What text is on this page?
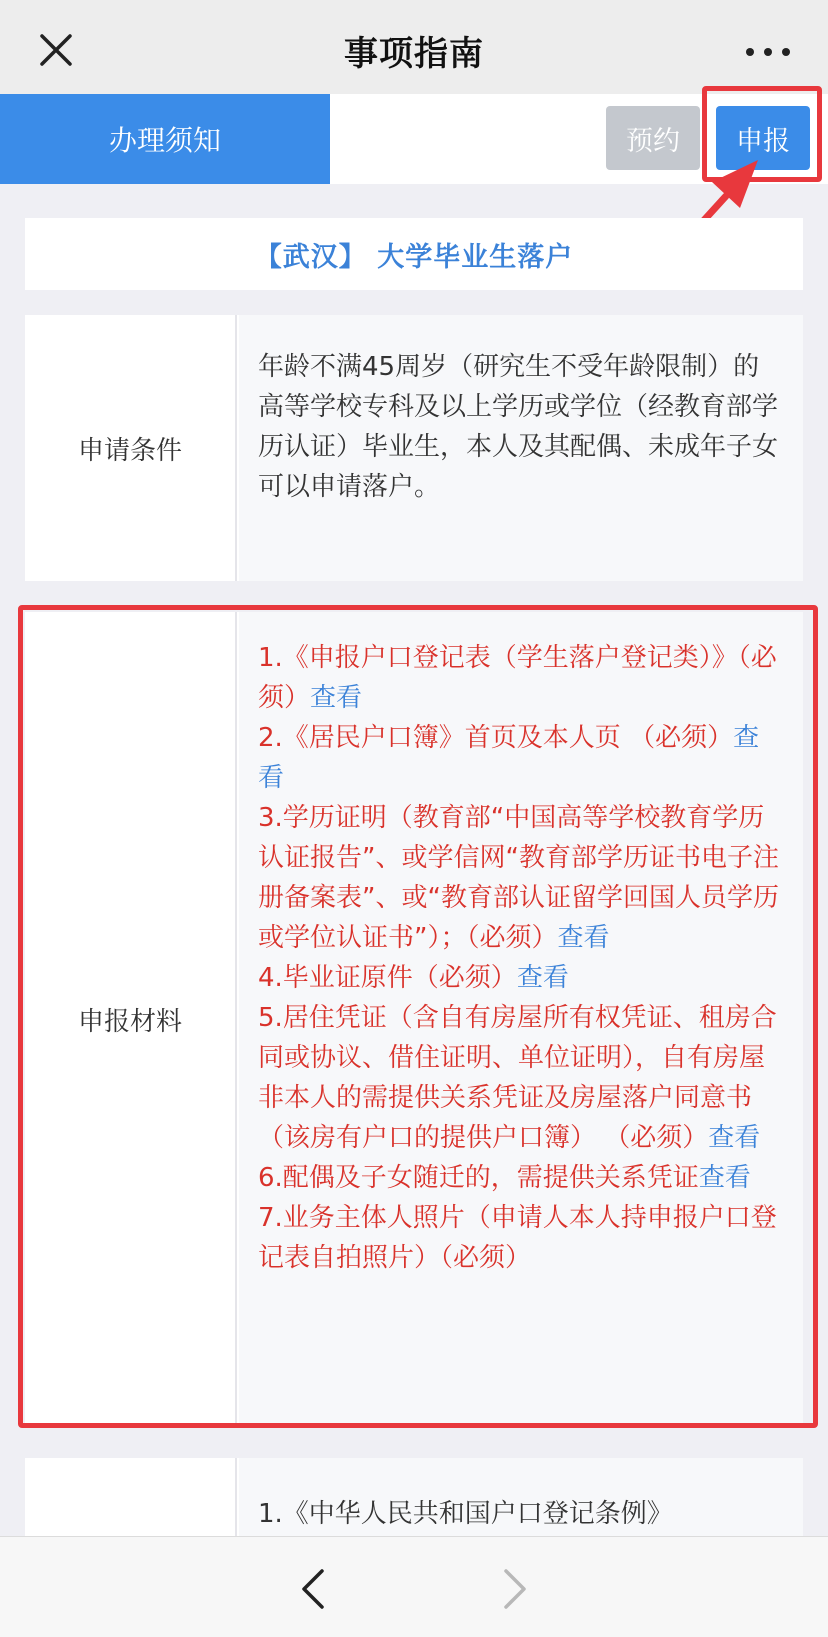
事项指南
办理须知	预约	申报
【武汉】 大学毕业生落户
申请条件
年龄不满45周岁（研究生不受年龄限制）的高等学校专科及以上学历或学位（经教育部学历认证）毕业生，本人及其配偶、未成年子女可以申请落户。
申报材料

1.《申报户口登记表（学生落户登记类）》（必须）查看

2.《居民户口簿》首页及本人页 （必须）查看

3.学历证明（教育部“中国高等学校教育学历认证报告”、或学信网“教育部学历证书电子注册备案表”、或“教育部认证留学回国人员学历或学位认证书”）；（必须）查看

4.毕业证原件（必须）查看

5.居住凭证（含自有房屋所有权凭证、租房合同或协议、借住证明、单位证明），自有房屋非本人的需提供关系凭证及房屋落户同意书（该房有户口的提供户口簿） （必须）查看

6.配偶及子女随迁的，需提供关系凭证查看

7.业务主体人照片（申请人本人持申报户口登记表自拍照片）（必须）

1.《中华人民共和国户口登记条例》
